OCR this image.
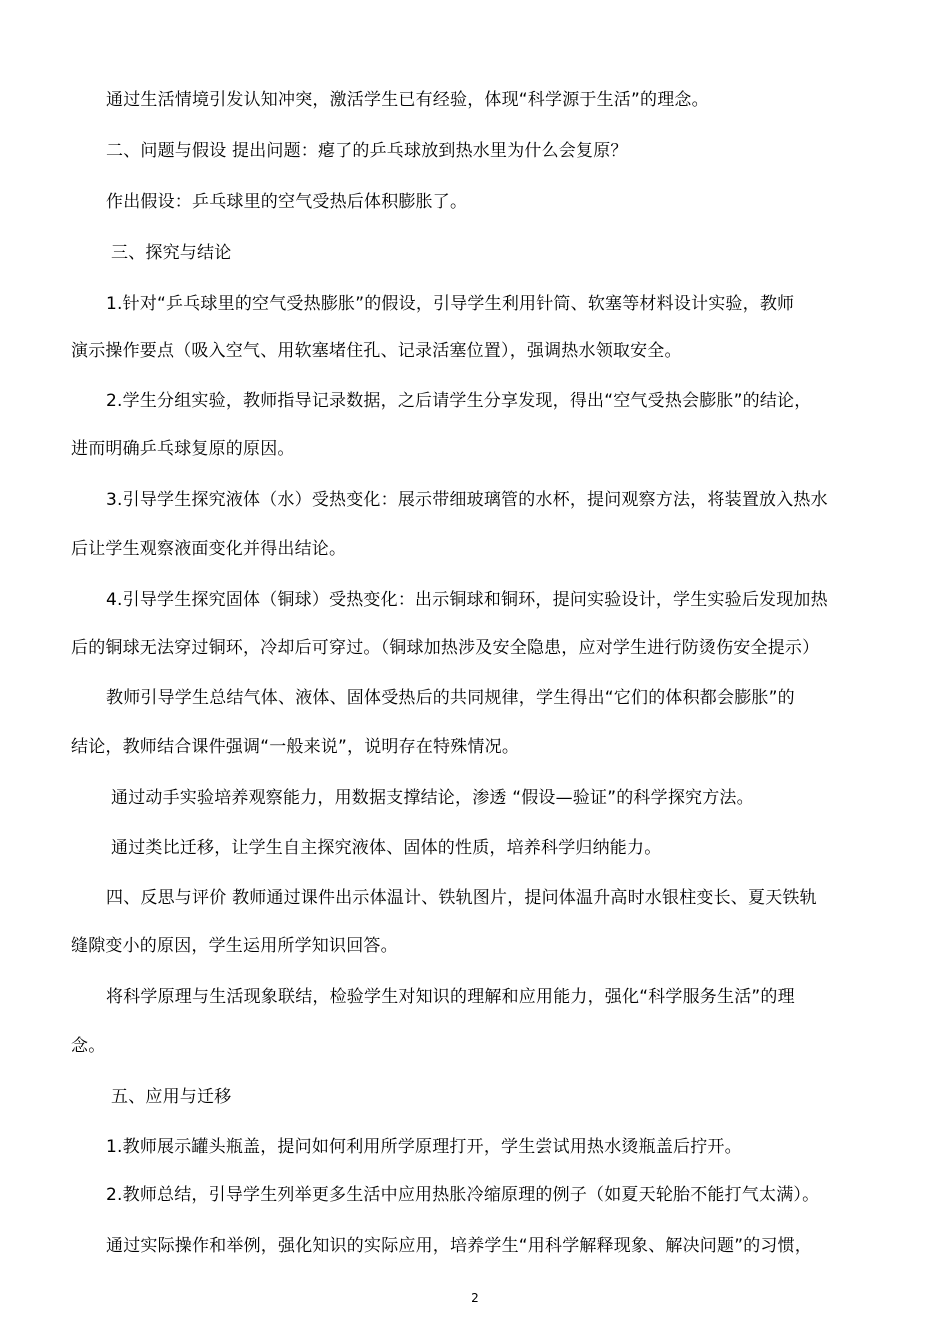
通过生活情境引发认知冲突，激活学生已有经验，体现“科学源于生活”的理念。
二、问题与假设 提出问题：瘪了的乒乓球放到热水里为什么会复原？
作出假设：乒乓球里的空气受热后体积膨胀了。
三、探究与结论
1.针对“乒乓球里的空气受热膨胀”的假设，引导学生利用针筒、软塞等材料设计实验，教师
演示操作要点（吸入空气、用软塞堵住孔、记录活塞位置），强调热水领取安全。
2.学生分组实验，教师指导记录数据，之后请学生分享发现，得出“空气受热会膨胀”的结论，
进而明确乒乓球复原的原因。
3.引导学生探究液体（水）受热变化：展示带细玻璃管的水杯，提问观察方法，将装置放入热水
后让学生观察液面变化并得出结论。
4.引导学生探究固体（铜球）受热变化：出示铜球和铜环，提问实验设计，学生实验后发现加热
后的铜球无法穿过铜环，冷却后可穿过。（铜球加热涉及安全隐患，应对学生进行防烫伤安全提示）
教师引导学生总结气体、液体、固体受热后的共同规律，学生得出“它们的体积都会膨胀”的
结论，教师结合课件强调“一般来说”，说明存在特殊情况。
通过动手实验培养观察能力，用数据支撑结论，渗透 “假设—验证”的科学探究方法。
通过类比迁移，让学生自主探究液体、固体的性质，培养科学归纳能力。
四、反思与评价 教师通过课件出示体温计、铁轨图片，提问体温升高时水银柱变长、夏天铁轨
缝隙变小的原因，学生运用所学知识回答。
将科学原理与生活现象联结，检验学生对知识的理解和应用能力，强化“科学服务生活”的理
念。
五、应用与迁移
1.教师展示罐头瓶盖，提问如何利用所学原理打开，学生尝试用热水烫瓶盖后拧开。
2.教师总结，引导学生列举更多生活中应用热胀冷缩原理的例子（如夏天轮胎不能打气太满）。
通过实际操作和举例，强化知识的实际应用，培养学生“用科学解释现象、解决问题”的习惯，
2
